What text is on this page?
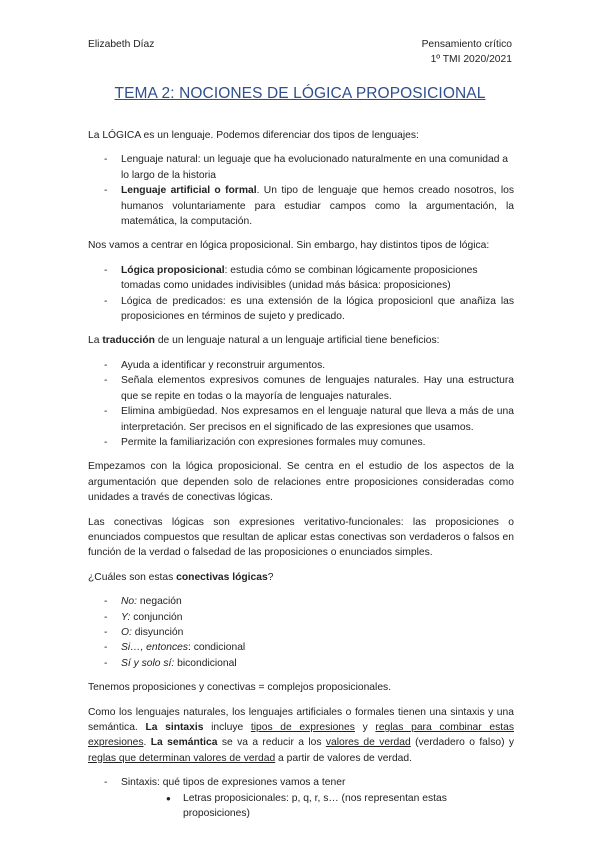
Elizabeth Díaz	Pensamiento crítico
1º TMI 2020/2021
TEMA 2: NOCIONES DE LÓGICA PROPOSICIONAL

La LÓGICA es un lenguaje. Podemos diferenciar dos tipos de lenguajes:

- Lenguaje natural: un leguaje que ha evolucionado naturalmente en una comunidad a lo largo de la historia
- Lenguaje artificial o formal. Un tipo de lenguaje que hemos creado nosotros, los humanos voluntariamente para estudiar campos como la argumentación, la matemática, la computación.

Nos vamos a centrar en lógica proposicional. Sin embargo, hay distintos tipos de lógica:

- Lógica proposicional: estudia cómo se combinan lógicamente proposiciones tomadas como unidades indivisibles (unidad más básica: proposiciones)
- Lógica de predicados: es una extensión de la lógica proposicionl que anañiza las proposiciones en términos de sujeto y predicado.

La traducción de un lenguaje natural a un lenguaje artificial tiene beneficios:

- Ayuda a identificar y reconstruir argumentos.
- Señala elementos expresivos comunes de lenguajes naturales. Hay una estructura que se repite en todas o la mayoría de lenguajes naturales.
- Elimina ambigüedad. Nos expresamos en el lenguaje natural que lleva a más de una interpretación. Ser precisos en el significado de las expresiones que usamos.
- Permite la familiarización con expresiones formales muy comunes.

Empezamos con la lógica proposicional. Se centra en el estudio de los aspectos de la argumentación que dependen solo de relaciones entre proposiciones consideradas como unidades a través de conectivas lógicas.

Las conectivas lógicas son expresiones veritativo-funcionales: las proposiciones o enunciados compuestos que resultan de aplicar estas conectivas son verdaderos o falsos en función de la verdad o falsedad de las proposiciones o enunciados simples.

¿Cuáles son estas conectivas lógicas?

- No: negación
- Y: conjunción
- O: disyunción
- Si…, entonces: condicional
- Sí y solo sí: bicondicional

Tenemos proposiciones y conectivas = complejos proposicionales.

Como los lenguajes naturales, los lenguajes artificiales o formales tienen una sintaxis y una semántica. La sintaxis incluye tipos de expresiones y reglas para combinar estas expresiones. La semántica se va a reducir a los valores de verdad (verdadero o falso) y reglas que determinan valores de verdad a partir de valores de verdad.

- Sintaxis: qué tipos de expresiones vamos a tener
● Letras proposicionales: p, q, r, s… (nos representan estas proposiciones)
